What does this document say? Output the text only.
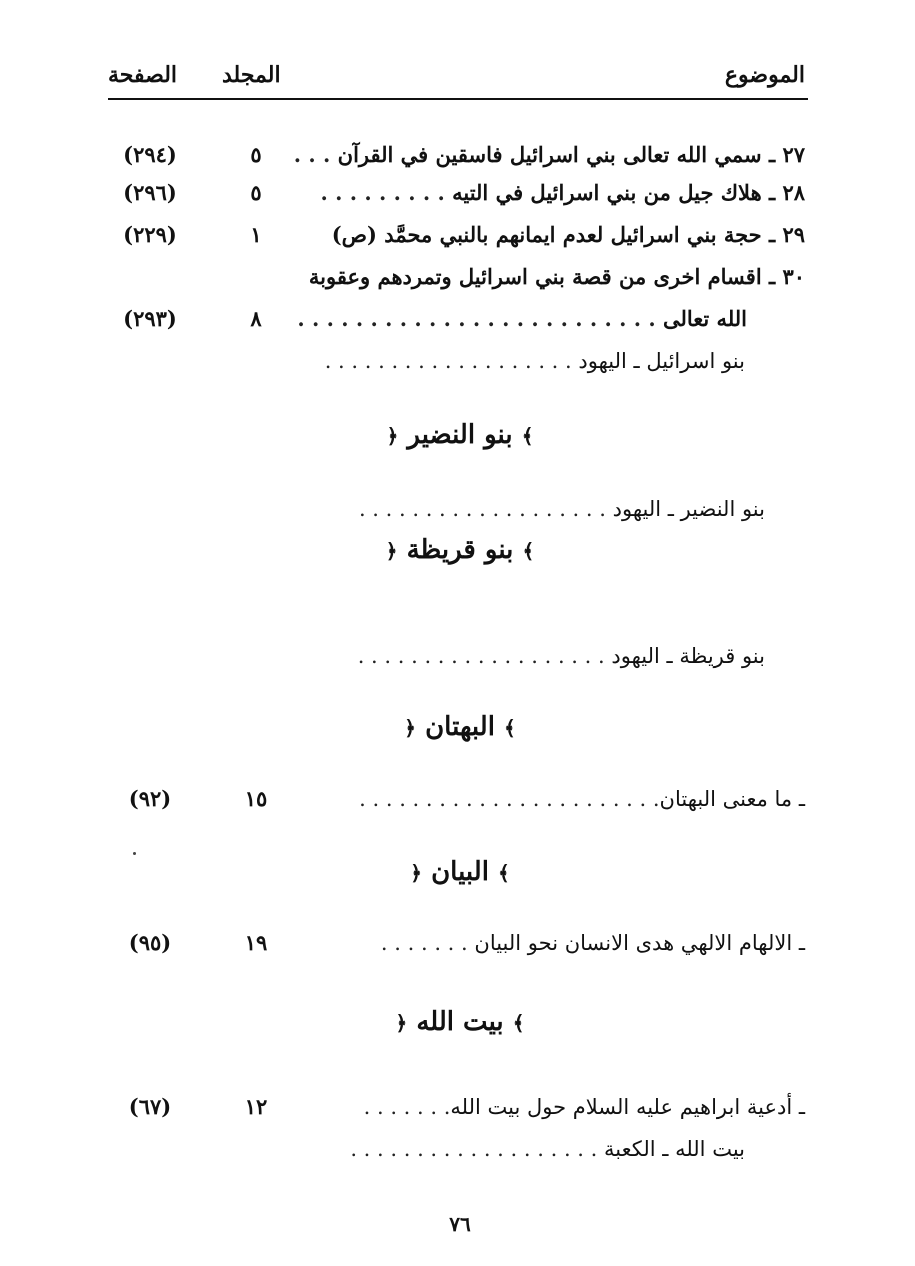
الموضوع
المجلد
الصفحة
٢٧ ـ سمي الله تعالى بني اسرائيل فاسقين في القرآن . . .
٥
(٢٩٤)
٢٨ ـ هلاك جيل من بني اسرائيل في التيه . . . . . . . . .
٥
(٢٩٦)
٢٩ ـ حجة بني اسرائيل لعدم ايمانهم بالنبي محمَّد (ص)
١
(٢٢٩)
٣٠ ـ اقسام اخرى من قصة بني اسرائيل وتمردهم وعقوبة
الله تعالى . . . . . . . . . . . . . . . . . . . . . . . . .
٨
(٢٩٣)
بنو اسرائيل ـ اليهود . . . . . . . . . . . . . . . . . . .
﴾ بنو النضير ﴿
بنو النضير ـ اليهود . . . . . . . . . . . . . . . . . . .
﴾ بنو قريظة ﴿
بنو قريظة ـ اليهود . . . . . . . . . . . . . . . . . . .
﴾ البهتان ﴿
ـ ما معنى البهتان. . . . . . . . . . . . . . . . . . . . . . .
١٥
(٩٢)
﴾ البيان ﴿
ـ الالهام الالهي هدى الانسان نحو البيان . . . . . . .
١٩
(٩٥)
﴾ بيت الله ﴿
ـ أدعية ابراهيم عليه السلام حول بيت الله. . . . . . .
١٢
(٦٧)
بيت الله ـ الكعبة . . . . . . . . . . . . . . . . . . .
٧٦
